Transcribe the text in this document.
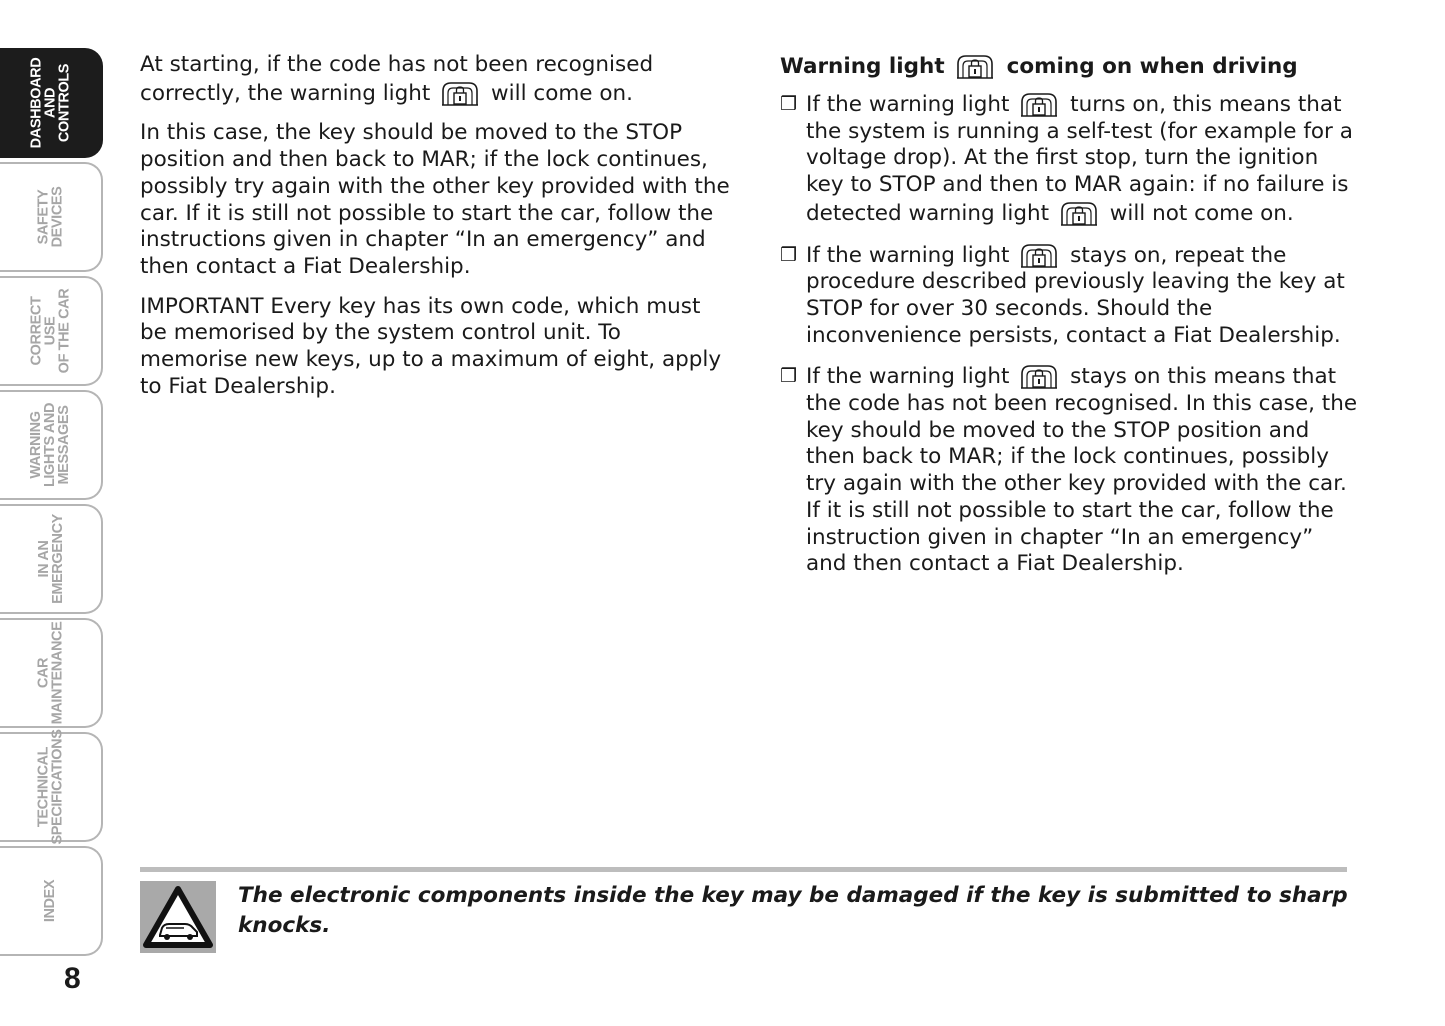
DASHBOARD
AND
CONTROLS
SAFETY
DEVICES
CORRECT USE
OF THE CAR
WARNING
LIGHTS AND
MESSAGES
IN AN
EMERGENCY
CAR
MAINTENANCE
TECHNICAL
SPECIFICATIONS
INDEX
8

At starting, if the code has not been recognised correctly, the warning light	will come on.

In this case, the key should be moved to the STOP position and then back to MAR; if the lock continues, possibly try again with the other key provided with the car. If it is still not possible to start the car, follow the instructions given in chapter “In an emergency” and then contact a Fiat Dealership.

IMPORTANT Every key has its own code, which must be memorised by the system control unit. To memorise new keys, up to a maximum of eight, apply to Fiat Dealership.

Warning light	coming on when driving
❒ If the warning light	turns on, this means that the system is running a self-test (for example for a voltage drop). At the first stop, turn the ignition key to STOP and then to MAR again: if no failure is detected warning light	will not come on.
❒ If the warning light	stays on, repeat the procedure described previously leaving the key at STOP for over 30 seconds. Should the inconvenience persists, contact a Fiat Dealership.
❒ If the warning light	stays on this means that the code has not been recognised. In this case, the key should be moved to the STOP position and then back to MAR; if the lock continues, possibly try again with the other key provided with the car. If it is still not possible to start the car, follow the instruction given in chapter “In an emergency” and then contact a Fiat Dealership.
The electronic components inside the key may be damaged if the key is submitted to sharp knocks.
